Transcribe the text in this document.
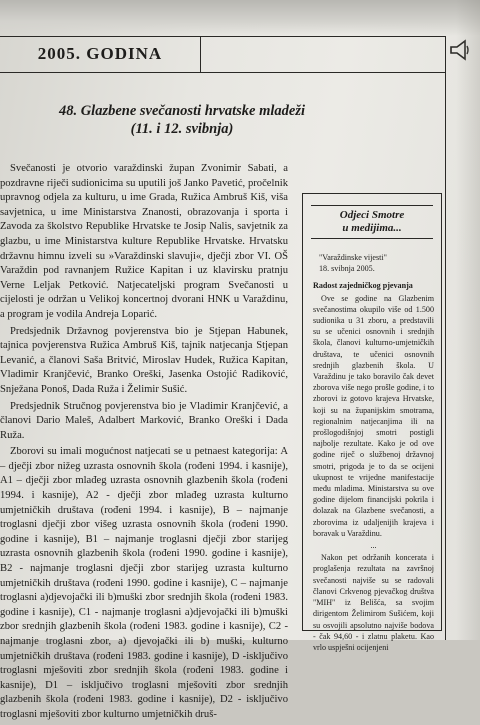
2005. GODINA
48. Glazbene svečanosti hrvatske mladeži
(11. i 12. svibnja)

Svečanosti je otvorio varaždinski župan Zvonimir Sabati, a pozdravne riječi sudionicima su uputili još Janko Pavetić, pročelnik upravnog odjela za kulturu, u ime Grada, Ružica Ambruš Kiš, viša savjetnica, u ime Ministarstva Znanosti, obrazovanja i sporta i Zavoda za školstvo Republike Hrvatske te Josip Nalis, savjetnik za glazbu, u ime Ministarstva kulture Republike Hrvatske. Hrvatsku državnu himnu izveli su »Varaždinski slavuji«, dječji zbor VI. OŠ Varaždin pod ravnanjem Ružice Kapitan i uz klavirsku pratnju Verne Leljak Petković. Natjecateljski program Svečanosti u cijelosti je održan u Velikoj koncertnoj dvorani HNK u Varaždinu, a program je vodila Andreja Loparić.

Predsjednik Državnog povjerenstva bio je Stjepan Habunek, tajnica povjerenstva Ružica Ambruš Kiš, tajnik natjecanja Stjepan Levanić, a članovi Saša Britvić, Miroslav Hudek, Ružica Kapitan, Vladimir Kranjčević, Branko Oreški, Jasenka Ostojić Radiković, Snježana Ponoš, Dada Ruža i Želimir Sušić.

Predsjednik Stručnog povjerenstva bio je Vladimir Kranjčević, a članovi Dario Maleš, Adalbert Marković, Branko Oreški i Dada Ruža.

Zborovi su imali mogućnost natjecati se u petnaest kategorija: A – dječji zbor nižeg uzrasta osnovnih škola (rođeni 1994. i kasnije), A1 – dječji zbor mlađeg uzrasta osnovnih glazbenih škola (rođeni 1994. i kasnije), A2 - dječji zbor mlađeg uzrasta kulturno umjetničkih društava (rođeni 1994. i kasnije), B – najmanje troglasni dječji zbor višeg uzrasta osnovnih škola (rođeni 1990. godine i kasnije), B1 – najmanje troglasni dječji zbor starijeg uzrasta osnovnih glazbenih škola (rođeni 1990. godine i kasnije), B2 - najmanje troglasni dječji zbor starijeg uzrasta kulturno umjetničkih društava (rođeni 1990. godine i kasnije), C – najmanje troglasni a)djevojački ili b)muški zbor srednjih škola (rođeni 1983. godine i kasnije), C1 - najmanje troglasni a)djevojački ili b)muški zbor srednjih glazbenih škola (rođeni 1983. godine i kasnije), C2 - najmanje troglasni zbor, a) djevojački ili b) muški, kulturno umjetničkih društava (rođeni 1983. godine i kasnije), D -isključivo troglasni mješoviti zbor srednjih škola (rođeni 1983. godine i kasnije), D1 – isključivo troglasni mješoviti zbor srednjih glazbenih škola (rođeni 1983. godine i kasnije), D2 - isključivo troglasni mješoviti zbor kulturno umjetničkih druš-

Odjeci Smotre
u medijima...
"Varaždinske vijesti"
18. svibnja 2005.
Radost zajedničkog pjevanja

Ove se godine na Glazbenim svečanostima okupilo više od 1.500 sudionika u 31 zboru, a predstavili su se učenici osnovnih i srednjih škola, članovi kulturno-umjetničkih društava, te učenici osnovnih srednjih glazbenih škola. U Varaždinu je tako boravilo čak devet zborova više nego prošle godine, i to zborovi iz gotovo krajeva Hrvatske, koji su na županijskim smotrama, regionalnim natjecanjima ili na prošlogodišnjoj smotri postigli najbolje rezultate. Kako je od ove godine riječ o službenoj državnoj smotri, prigoda je to da se ocijeni ukupnost te vrijedne manifestacije među mladima. Ministarstva su ove godine dijelom financijski pokrila i dolazak na Glazbene svečanosti, a zborovima iz udaljenijih krajeva i boravak u Varaždinu.

...

Nakon pet održanih koncerata i proglašenja rezultata na završnoj svečanosti najviše su se radovali članovi Crkvenog pjevačkog društva "MIH" iz Belišća, sa svojim dirigentom Želimirom Sušićem, koji su osvojili apsolutno najviše bodova - čak 94,60 - i zlatnu plaketu. Kao vrlo uspješni ocijenjeni
